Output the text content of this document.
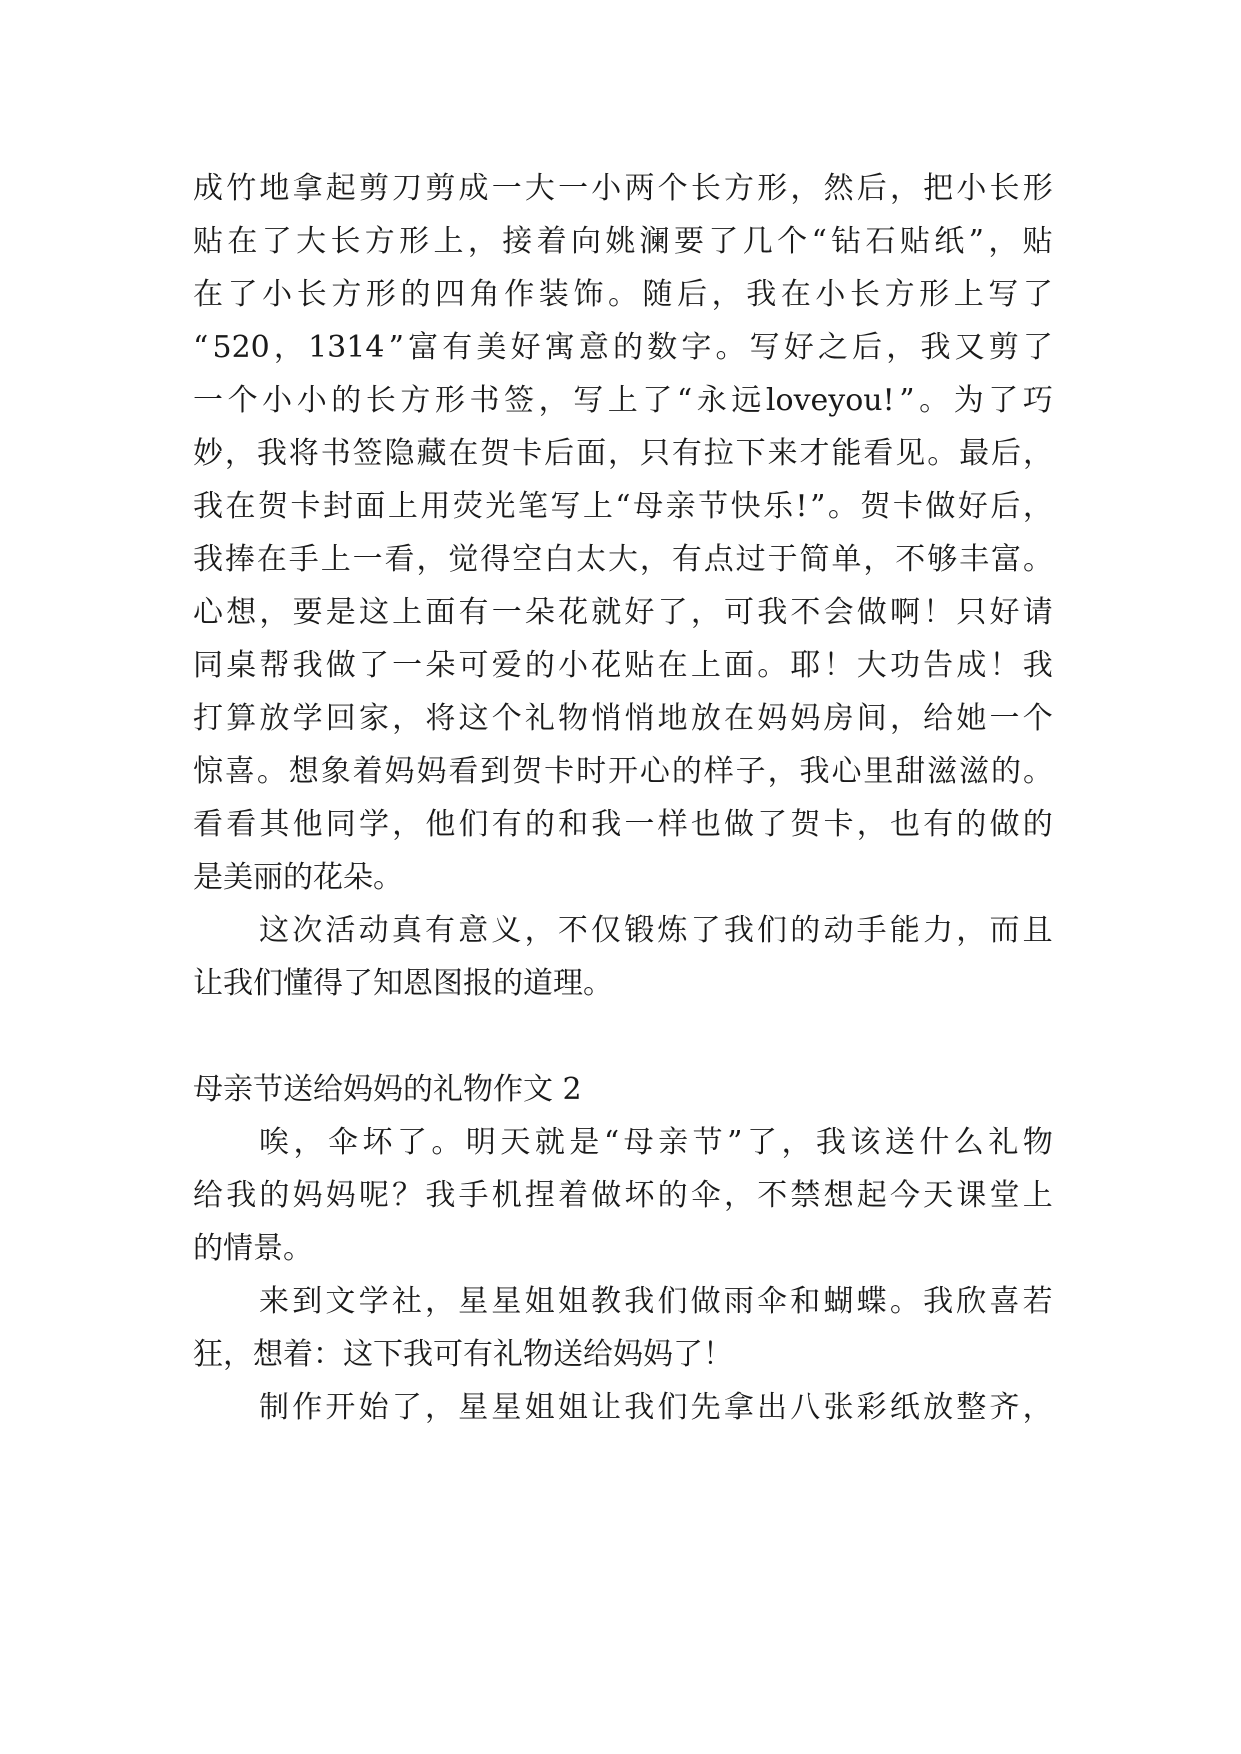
成 竹 地 拿 起 剪 刀 剪 成 一 大 一 小 两 个 长 方 形 ， 然 后 ， 把 小 长 形
贴 在 了 大 长 方 形 上 ， 接 着 向 姚 澜 要 了 几 个 “ 钻 石 贴 纸 ” ， 贴
在 了 小 长 方 形 的 四 角 作 装 饰 。 随 后 ， 我 在 小 长 方 形 上 写 了
“ 520 ， 1314 ” 富 有 美 好 寓 意 的 数 字 。 写 好 之 后 ， 我 又 剪 了
一 个 小 小 的 长 方 形 书 签 ， 写 上 了 “ 永 远 loveyou! ” 。 为 了 巧
妙 ， 我 将 书 签 隐 藏 在 贺 卡 后 面 ， 只 有 拉 下 来 才 能 看 见 。 最 后 ，
我 在 贺 卡 封 面 上 用 荧 光 笔 写 上 “ 母 亲 节 快 乐 ! ” 。 贺 卡 做 好 后 ，
我 捧 在 手 上 一 看 ， 觉 得 空 白 太 大 ， 有 点 过 于 简 单 ， 不 够 丰 富 。
心 想 ， 要 是 这 上 面 有 一 朵 花 就 好 了 ， 可 我 不 会 做 啊 ！ 只 好 请
同 桌 帮 我 做 了 一 朵 可 爱 的 小 花 贴 在 上 面 。 耶 ！ 大 功 告 成 ！ 我
打 算 放 学 回 家 ， 将 这 个 礼 物 悄 悄 地 放 在 妈 妈 房 间 ， 给 她 一 个
惊 喜 。 想 象 着 妈 妈 看 到 贺 卡 时 开 心 的 样 子 ， 我 心 里 甜 滋 滋 的 。
看 看 其 他 同 学 ， 他 们 有 的 和 我 一 样 也 做 了 贺 卡 ， 也 有 的 做 的
是美丽的花朵。
这 次 活 动 真 有 意 义 ， 不 仅 锻 炼 了 我 们 的 动 手 能 力 ， 而 且
让我们懂得了知恩图报的道理。
母亲节送给妈妈的礼物作文 2
唉 ， 伞 坏 了 。 明 天 就 是 “ 母 亲 节 ” 了 ， 我 该 送 什 么 礼 物
给 我 的 妈 妈 呢 ？ 我 手 机 捏 着 做 坏 的 伞 ， 不 禁 想 起 今 天 课 堂 上
的情景。
来 到 文 学 社 ， 星 星 姐 姐 教 我 们 做 雨 伞 和 蝴 蝶 。 我 欣 喜 若
狂，想着：这下我可有礼物送给妈妈了！
制 作 开 始 了 ， 星 星 姐 姐 让 我 们 先 拿 出 八 张 彩 纸 放 整 齐 ，
